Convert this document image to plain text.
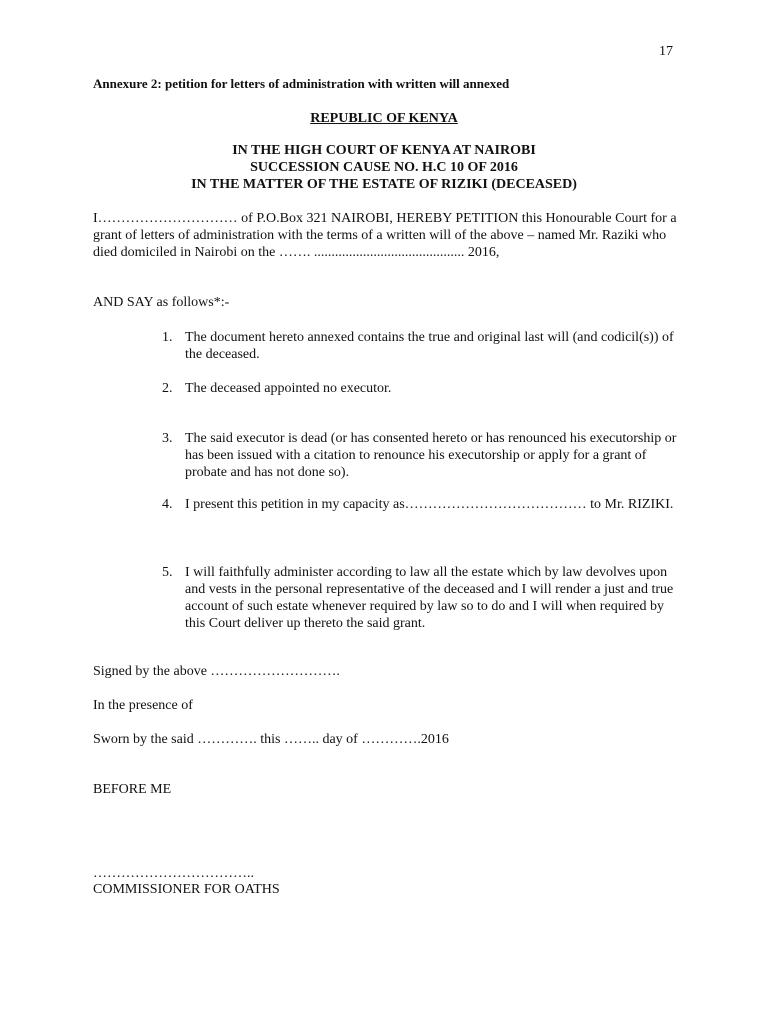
17
Annexure 2: petition for letters of administration with written will annexed
REPUBLIC OF KENYA
IN THE HIGH COURT OF KENYA AT NAIROBI
SUCCESSION CAUSE NO. H.C 10 OF 2016
IN THE MATTER OF THE ESTATE OF RIZIKI (DECEASED)
I………………………… of P.O.Box 321 NAIROBI, HEREBY PETITION this Honourable Court for a grant of letters of administration with the terms of a written will of the above – named Mr. Raziki who died domiciled in Nairobi on the ……. ........................................... 2016,
AND SAY as follows*:-
1. The document hereto annexed contains the true and original last will (and codicil(s)) of the deceased.
2. The deceased appointed no executor.
3. The said executor is dead (or has consented hereto or has renounced his executorship or has been issued with a citation to renounce his executorship or apply for a grant of probate and has not done so).
4. I present this petition in my capacity as………………………………… to Mr. RIZIKI.
5. I will faithfully administer according to law all the estate which by law devolves upon and vests in the personal representative of the deceased and I will render a just and true account of such estate whenever required by law so to do and I will when required by this Court deliver up thereto the said grant.
Signed by the above ……………………….
In the presence of
Sworn by the said …………. this …….. day of ………….2016
BEFORE ME
……………………………..
COMMISSIONER FOR OATHS
